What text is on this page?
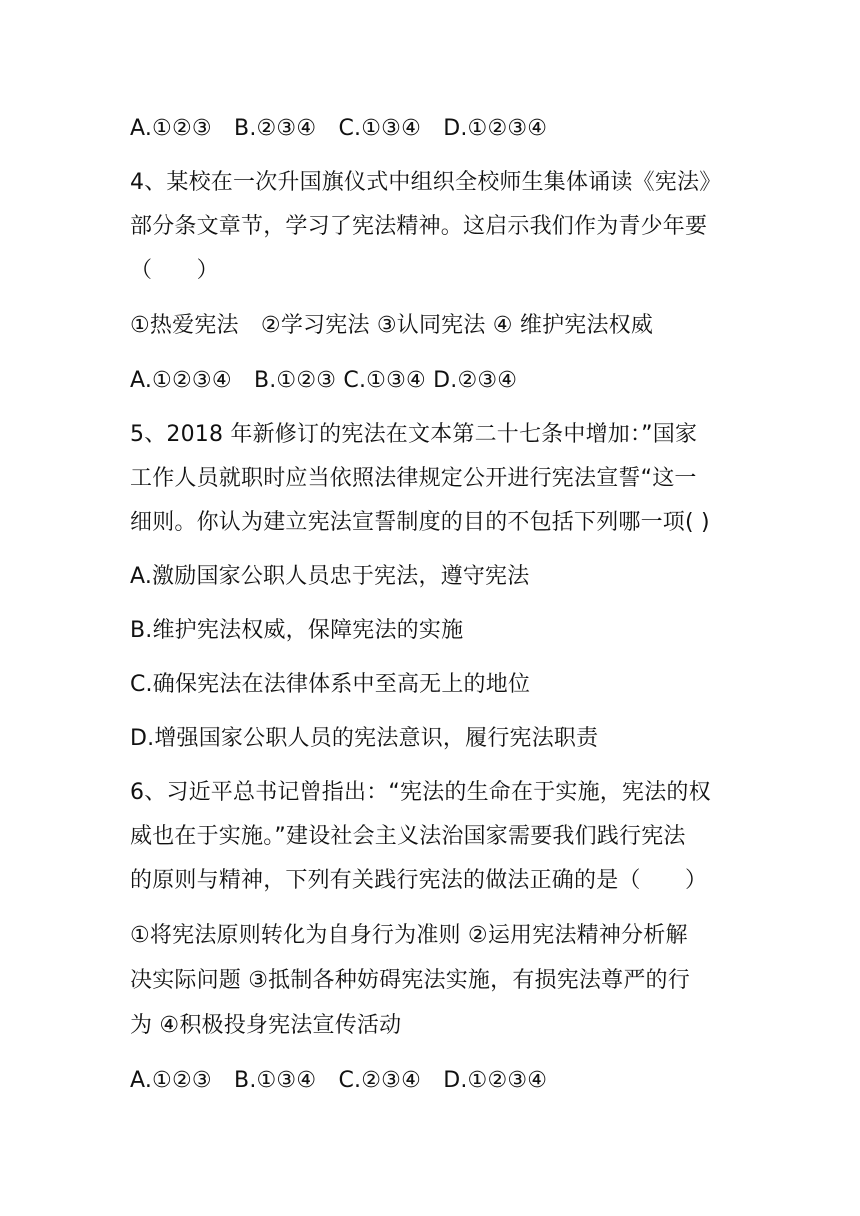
A.①②③　B.②③④　C.①③④　D.①②③④
4、某校在一次升国旗仪式中组织全校师生集体诵读《宪法》
部分条文章节，学习了宪法精神。这启示我们作为青少年要
（　　）
①热爱宪法　②学习宪法 ③认同宪法 ④ 维护宪法权威
A.①②③④　B.①②③ C.①③④ D.②③④
5、2018 年新修订的宪法在文本第二十七条中增加：”国家
工作人员就职时应当依照法律规定公开进行宪法宣誓“这一
细则。你认为建立宪法宣誓制度的目的不包括下列哪一项( )
A.激励国家公职人员忠于宪法，遵守宪法
B.维护宪法权威，保障宪法的实施
C.确保宪法在法律体系中至高无上的地位
D.增强国家公职人员的宪法意识，履行宪法职责
6、习近平总书记曾指出：“宪法的生命在于实施，宪法的权
威也在于实施。”建设社会主义法治国家需要我们践行宪法
的原则与精神，下列有关践行宪法的做法正确的是（　　）
①将宪法原则转化为自身行为准则 ②运用宪法精神分析解
决实际问题 ③抵制各种妨碍宪法实施，有损宪法尊严的行
为 ④积极投身宪法宣传活动
A.①②③　B.①③④　C.②③④　D.①②③④
